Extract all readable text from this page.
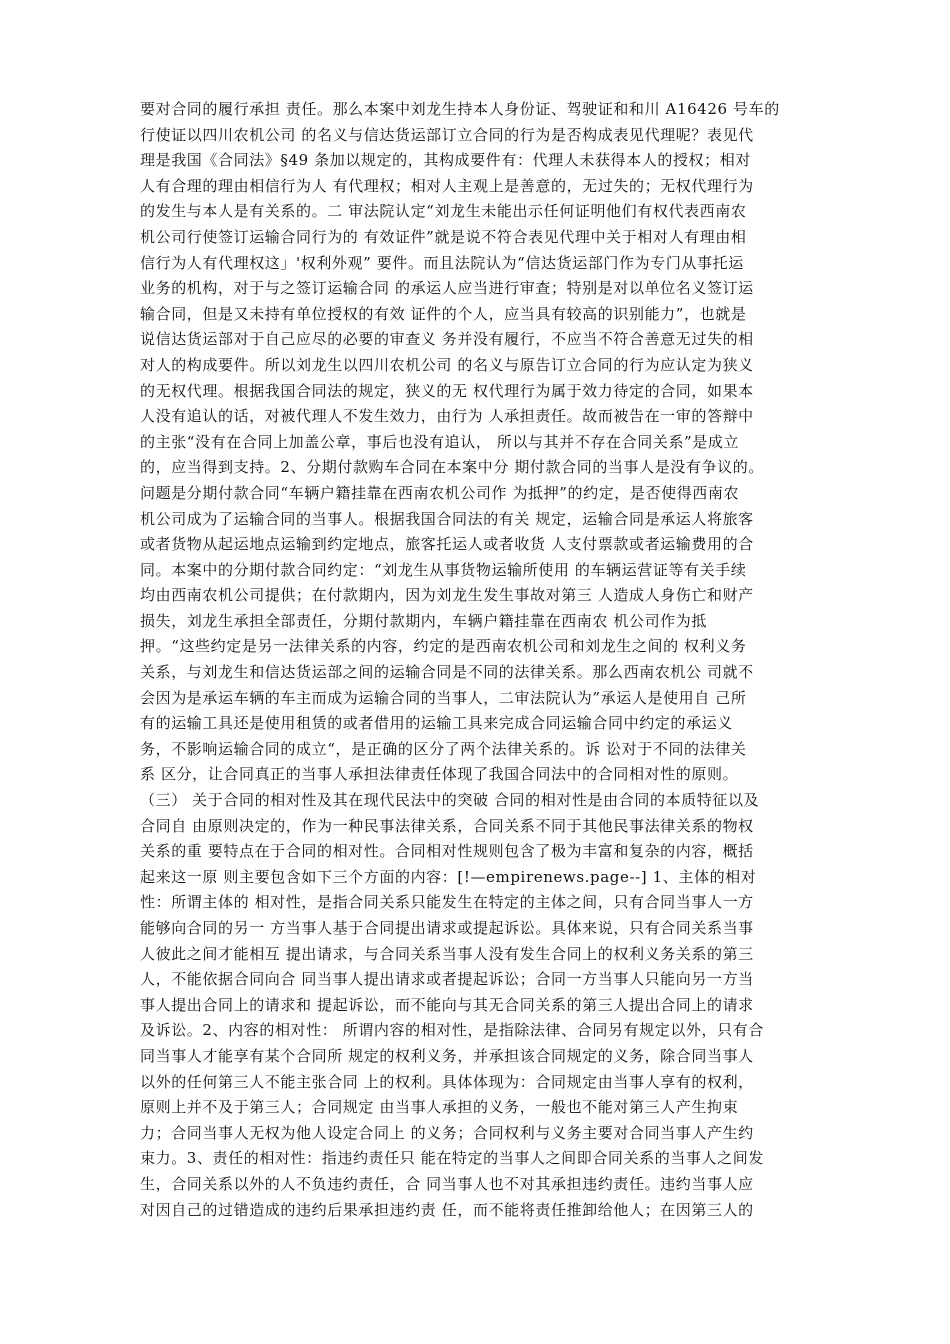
要对合同的履行承担 责任。那么本案中刘龙生持本人身份证、驾驶证和和川 A16426 号车的
行使证以四川农机公司 的名义与信达货运部订立合同的行为是否构成表见代理呢？表见代
理是我国《合同法》§49 条加以规定的，其构成要件有：代理人未获得本人的授权；相对
人有合理的理由相信行为人 有代理权；相对人主观上是善意的，无过失的；无权代理行为
的发生与本人是有关系的。二 审法院认定“刘龙生未能出示任何证明他们有权代表西南农
机公司行使签订运输合同行为的 有效证件”就是说不符合表见代理中关于相对人有理由相
信行为人有代理权这」'权利外观” 要件。而且法院认为“信达货运部门作为专门从事托运
业务的机构，对于与之签订运输合同 的承运人应当进行审查；特别是对以单位名义签订运
输合同，但是又未持有单位授权的有效 证件的个人，应当具有较高的识别能力”，也就是
说信达货运部对于自己应尽的必要的审查义 务并没有履行，不应当不符合善意无过失的相
对人的构成要件。所以刘龙生以四川农机公司 的名义与原告订立合同的行为应认定为狭义
的无权代理。根据我国合同法的规定，狭义的无 权代理行为属于效力待定的合同，如果本
人没有追认的话，对被代理人不发生效力，由行为 人承担责任。故而被告在一审的答辩中
的主张“没有在合同上加盖公章，事后也没有追认， 所以与其并不存在合同关系”是成立
的，应当得到支持。2、分期付款购车合同在本案中分 期付款合同的当事人是没有争议的。
问题是分期付款合同“车辆户籍挂靠在西南农机公司作 为抵押”的约定，是否使得西南农
机公司成为了运输合同的当事人。根据我国合同法的有关 规定，运输合同是承运人将旅客
或者货物从起运地点运输到约定地点，旅客托运人或者收货 人支付票款或者运输费用的合
同。本案中的分期付款合同约定：“刘龙生从事货物运输所使用 的车辆运营证等有关手续
均由西南农机公司提供；在付款期内，因为刘龙生发生事故对第三 人造成人身伤亡和财产
损失，刘龙生承担全部责任，分期付款期内，车辆户籍挂靠在西南农 机公司作为抵
押。“这些约定是另一法律关系的内容，约定的是西南农机公司和刘龙生之间的 权利义务
关系，与刘龙生和信达货运部之间的运输合同是不同的法律关系。那么西南农机公 司就不
会因为是承运车辆的车主而成为运输合同的当事人，二审法院认为”承运人是使用自 己所
有的运输工具还是使用租赁的或者借用的运输工具来完成合同运输合同中约定的承运义
务，不影响运输合同的成立“，是正确的区分了两个法律关系的。诉 讼对于不同的法律关
系 区分，让合同真正的当事人承担法律责任体现了我国合同法中的合同相对性的原则。
（三） 关于合同的相对性及其在现代民法中的突破 合同的相对性是由合同的本质特征以及
合同自 由原则决定的，作为一种民事法律关系，合同关系不同于其他民事法律关系的物权
关系的重 要特点在于合同的相对性。合同相对性规则包含了极为丰富和复杂的内容，概括
起来这一原 则主要包含如下三个方面的内容：[!—empirenews.page--] 1、主体的相对
性：所谓主体的 相对性，是指合同关系只能发生在特定的主体之间，只有合同当事人一方
能够向合同的另一 方当事人基于合同提出请求或提起诉讼。具体来说，只有合同关系当事
人彼此之间才能相互 提出请求，与合同关系当事人没有发生合同上的权利义务关系的第三
人，不能依据合同向合 同当事人提出请求或者提起诉讼；合同一方当事人只能向另一方当
事人提出合同上的请求和 提起诉讼，而不能向与其无合同关系的第三人提出合同上的请求
及诉讼。2、内容的相对性： 所谓内容的相对性，是指除法律、合同另有规定以外，只有合
同当事人才能享有某个合同所 规定的权利义务，并承担该合同规定的义务，除合同当事人
以外的任何第三人不能主张合同 上的权利。具体体现为：合同规定由当事人享有的权利，
原则上并不及于第三人；合同规定 由当事人承担的义务，一般也不能对第三人产生拘束
力；合同当事人无权为他人设定合同上 的义务；合同权利与义务主要对合同当事人产生约
束力。3、责任的相对性：指违约责任只 能在特定的当事人之间即合同关系的当事人之间发
生，合同关系以外的人不负违约责任，合 同当事人也不对其承担违约责任。违约当事人应
对因自己的过错造成的违约后果承担违约责 任，而不能将责任推卸给他人；在因第三人的
